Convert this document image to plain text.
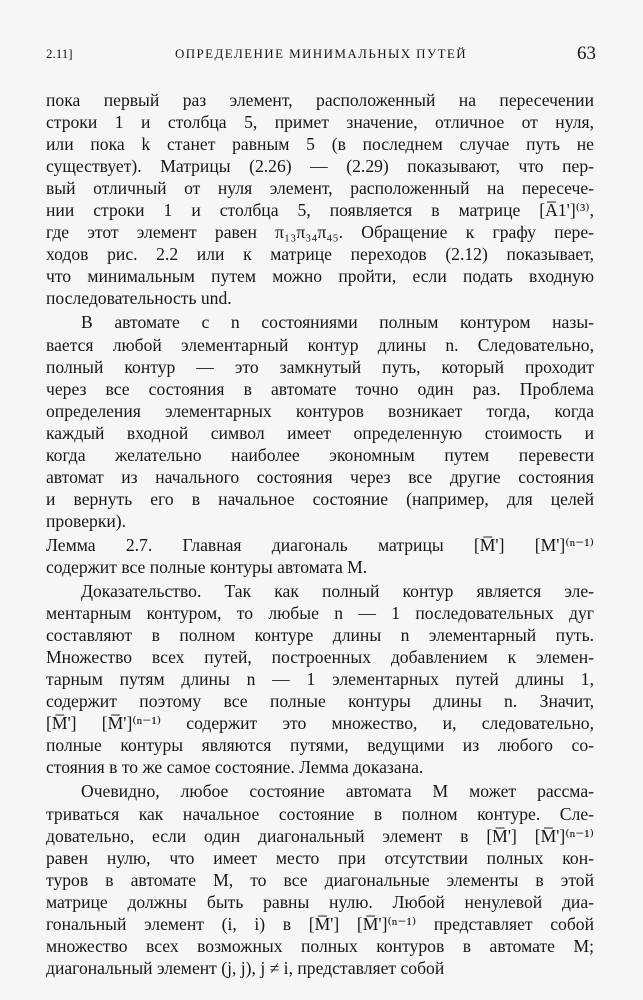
2.11]	ОПРЕДЕЛЕНИЕ МИНИМАЛЬНЫХ ПУТЕЙ	63
пока первый раз элемент, расположенный на пересечении
строки 1 и столбца 5, примет значение, отличное от нуля,
или пока k станет равным 5 (в последнем случае путь не
существует). Матрицы (2.26) — (2.29) показывают, что пер-
вый отличный от нуля элемент, расположенный на пересече-
нии строки 1 и столбца 5, появляется в матрице [A̅1']⁽³⁾,
где этот элемент равен π₁₃π₃₄π₄₅. Обращение к графу пере-
ходов рис. 2.2 или к матрице переходов (2.12) показывает,
что минимальным путем можно пройти, если подать входную
последовательность und.
В автомате с n состояниями полным контуром назы-
вается любой элементарный контур длины n. Следовательно,
полный контур — это замкнутый путь, который проходит
через все состояния в автомате точно один раз. Проблема
определения элементарных контуров возникает тогда, когда
каждый входной символ имеет определенную стоимость и
когда желательно наиболее экономным путем перевести
автомат из начального состояния через все другие состояния
и вернуть его в начальное состояние (например, для целей
проверки).
Лемма 2.7. Главная диагональ матрицы [M̅'] [M']⁽ⁿ⁻¹⁾
содержит все полные контуры автомата M.
Доказательство. Так как полный контур является эле-
ментарным контуром, то любые n — 1 последовательных дуг
составляют в полном контуре длины n элементарный путь.
Множество всех путей, построенных добавлением к элемен-
тарным путям длины n — 1 элементарных путей длины 1,
содержит поэтому все полные контуры длины n. Значит,
[M̅'] [M̅']⁽ⁿ⁻¹⁾ содержит это множество, и, следовательно,
полные контуры являются путями, ведущими из любого со-
стояния в то же самое состояние. Лемма доказана.
Очевидно, любое состояние автомата M может рассма-
триваться как начальное состояние в полном контуре. Сле-
довательно, если один диагональный элемент в [M̅'] [M̅']⁽ⁿ⁻¹⁾
равен нулю, что имеет место при отсутствии полных кон-
туров в автомате M, то все диагональные элементы в этой
матрице должны быть равны нулю. Любой ненулевой диа-
гональный элемент (i, i) в [M̅'] [M̅']⁽ⁿ⁻¹⁾ представляет собой
множество всех возможных полных контуров в автомате M;
диагональный элемент (j, j), j ≠ i, представляет собой
